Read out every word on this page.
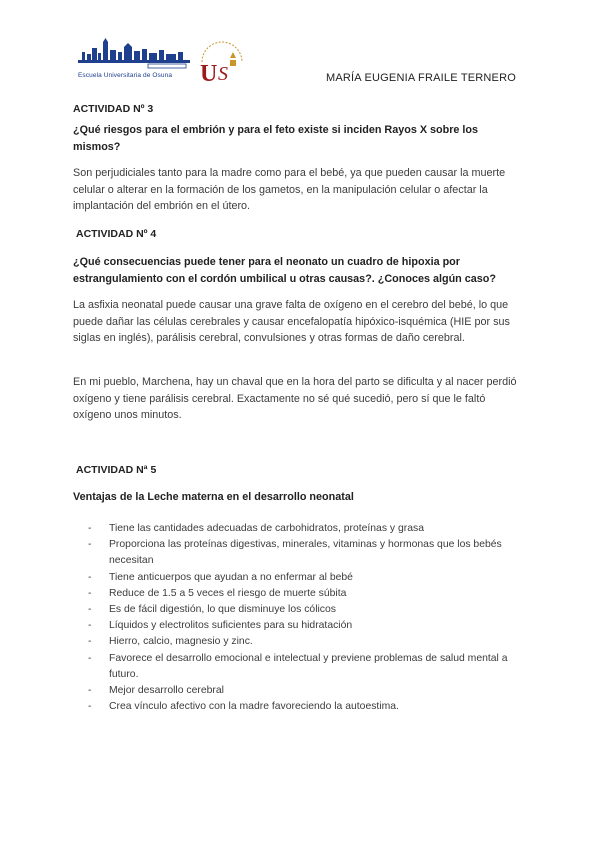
Escuela Universitaria de Osuna	U S	MARÍA EUGENIA FRAILE TERNERO
ACTIVIDAD Nº 3
¿Qué riesgos para el embrión y para el feto existe si inciden Rayos X sobre los mismos?
Son perjudiciales tanto para la madre como para el bebé, ya que pueden causar la muerte celular o alterar en la formación de los gametos, en la manipulación celular o afectar la implantación del embrión en el útero.
ACTIVIDAD Nº 4
¿Qué consecuencias puede tener para el neonato un cuadro de hipoxia por estrangulamiento con el cordón umbilical u otras causas?. ¿Conoces algún caso?
La asfixia neonatal puede causar una grave falta de oxígeno en el cerebro del bebé, lo que puede dañar las células cerebrales y causar encefalopatía hipóxico-isquémica (HIE por sus siglas en inglés), parálisis cerebral, convulsiones y otras formas de daño cerebral.
En mi pueblo, Marchena, hay un chaval que en la hora del parto se dificulta y al nacer perdió oxígeno y tiene parálisis cerebral. Exactamente no sé qué sucedió, pero sí que le faltó oxígeno unos minutos.
ACTIVIDAD Nª 5
Ventajas de la Leche materna en el desarrollo neonatal
- Tiene las cantidades adecuadas de carbohidratos, proteínas y grasa
- Proporciona las proteínas digestivas, minerales, vitaminas y hormonas que los bebés necesitan
- Tiene anticuerpos que ayudan a no enfermar al bebé
- Reduce de 1.5 a 5 veces el riesgo de muerte súbita
- Es de fácil digestión, lo que disminuye los cólicos
- Líquidos y electrolitos suficientes para su hidratación
- Hierro, calcio, magnesio y zinc.
- Favorece el desarrollo emocional e intelectual y previene problemas de salud mental a futuro.
- Mejor desarrollo cerebral
- Crea vínculo afectivo con la madre favoreciendo la autoestima.
